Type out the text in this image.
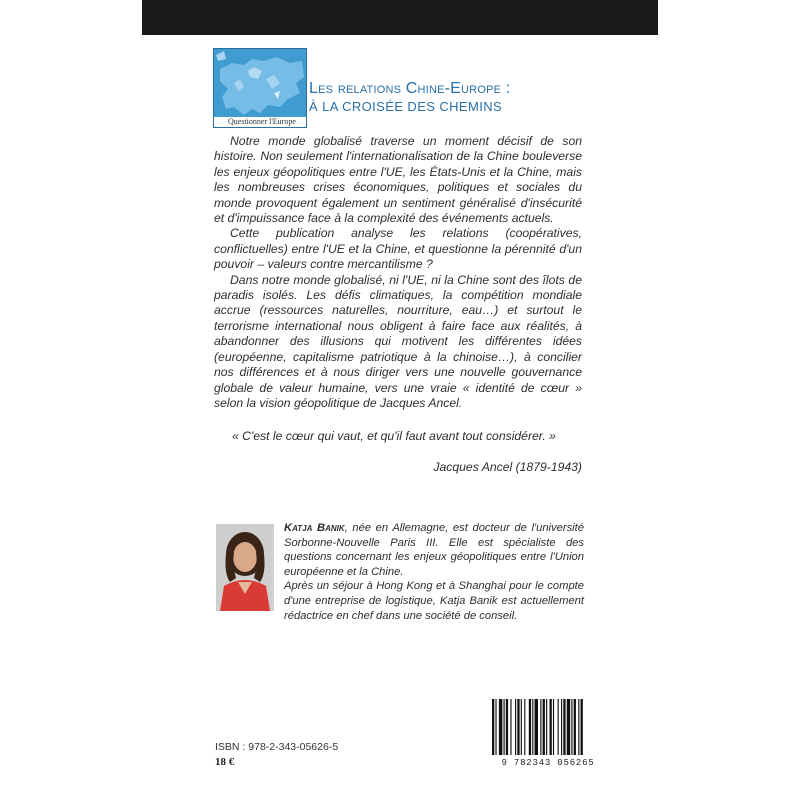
Questionner l'Europe
Les relations Chine-Europe :
À LA CROISÉE DES CHEMINS

Notre monde globalisé traverse un moment décisif de son histoire. Non seulement l'internationalisation de la Chine bouleverse les enjeux géopolitiques entre l'UE, les États-Unis et la Chine, mais les nombreuses crises économiques, politiques et sociales du monde provoquent également un sentiment généralisé d'insécurité et d'impuissance face à la complexité des événements actuels.

Cette publication analyse les relations (coopératives, conflictuelles) entre l'UE et la Chine, et questionne la pérennité d'un pouvoir – valeurs contre mercantilisme ?

Dans notre monde globalisé, ni l'UE, ni la Chine sont des îlots de paradis isolés. Les défis climatiques, la compétition mondiale accrue (ressources naturelles, nourriture, eau…) et surtout le terrorisme international nous obligent à faire face aux réalités, à abandonner des illusions qui motivent les différentes idées (européenne, capitalisme patriotique à la chinoise…), à concilier nos différences et à nous diriger vers une nouvelle gouvernance globale de valeur humaine, vers une vraie « identité de cœur » selon la vision géopolitique de Jacques Ancel.

« C'est le cœur qui vaut, et qu'il faut avant tout considérer. »
Jacques Ancel (1879-1943)

Katja Banik, née en Allemagne, est docteur de l'université Sorbonne-Nouvelle Paris III. Elle est spécialiste des questions concernant les enjeux géopolitiques entre l'Union européenne et la Chine.

Après un séjour à Hong Kong et à Shanghai pour le compte d'une entreprise de logistique, Katja Banik est actuellement rédactrice en chef dans une société de conseil.

ISBN : 978-2-343-05626-5
18 €	9 782343 056265
